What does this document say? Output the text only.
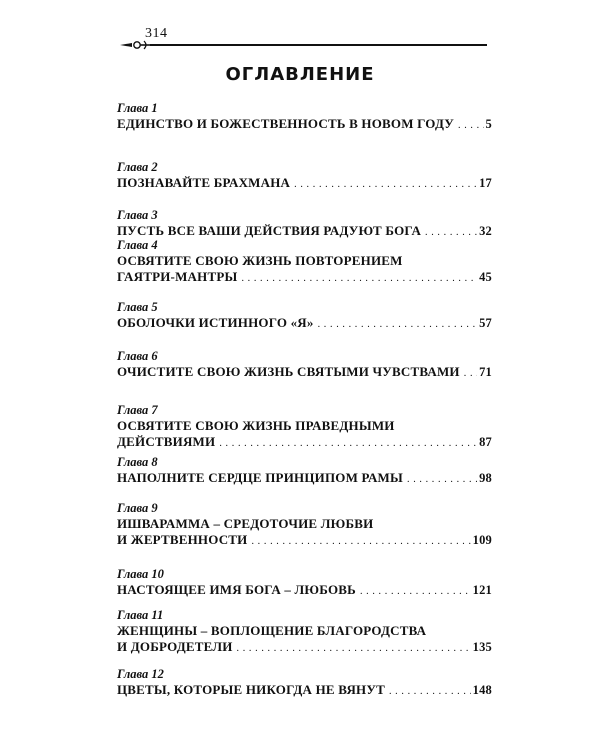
314
ОГЛАВЛЕНИЕ
Глава 1
ЕДИНСТВО И БОЖЕСТВЕННОСТЬ В НОВОМ ГОДУ . . .	5
Глава 2
ПОЗНАВАЙТЕ БРАХМАНА . . .	17
Глава 3
ПУСТЬ ВСЕ ВАШИ ДЕЙСТВИЯ РАДУЮТ БОГА . . .	32
Глава 4
ОСВЯТИТЕ СВОЮ ЖИЗНЬ ПОВТОРЕНИЕМ
ГАЯТРИ-МАНТРЫ . . .	45
Глава 5
ОБОЛОЧКИ ИСТИННОГО «Я» . . .	57
Глава 6
ОЧИСТИТЕ СВОЮ ЖИЗНЬ СВЯТЫМИ ЧУВСТВАМИ . . . 71
Глава 7
ОСВЯТИТЕ СВОЮ ЖИЗНЬ ПРАВЕДНЫМИ
ДЕЙСТВИЯМИ . . .	87
Глава 8
НАПОЛНИТЕ СЕРДЦЕ ПРИНЦИПОМ РАМЫ . . .	98
Глава 9
ИШВАРАММА – СРЕДОТОЧИЕ ЛЮБВИ
И ЖЕРТВЕННОСТИ . . .	109
Глава 10
НАСТОЯЩЕЕ ИМЯ БОГА – ЛЮБОВЬ . . .	121
Глава 11
ЖЕНЩИНЫ – ВОПЛОЩЕНИЕ БЛАГОРОДСТВА
И ДОБРОДЕТЕЛИ . . .	135
Глава 12
ЦВЕТЫ, КОТОРЫЕ НИКОГДА НЕ ВЯНУТ . . .	148
